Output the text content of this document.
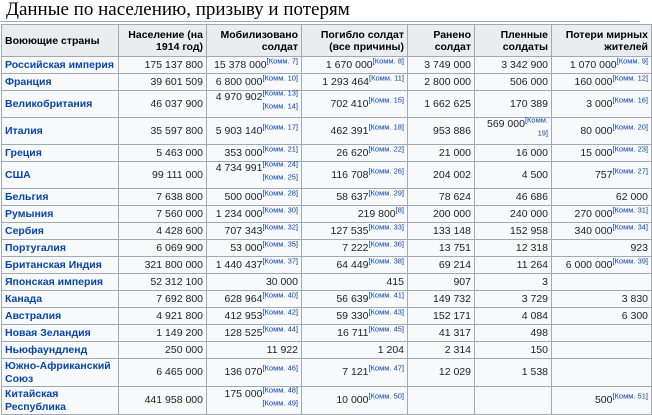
Данные по населению, призыву и потерям
Воюющие страны	Население (на 1914 год)	Мобилизовано солдат	Погибло солдат (все причины)	Ранено солдат	Пленные солдаты	Потери мирных жителей
Российская империя	175 137 800	15 378 000[Комм. 7]	1 670 000[Комм. 8]	3 749 000	3 342 900	1 070 000[Комм. 9]
Франция	39 601 509	6 800 000[Комм. 10]	1 293 464[Комм. 11]	2 800 000	506 000	160 000[Комм. 12]
Великобритания	46 037 900	4 970 902[Комм. 13][Комм. 14]	702 410[Комм. 15]	1 662 625	170 389	3 000[Комм. 16]
Италия	35 597 800	5 903 140[Комм. 17]	462 391[Комм. 18]	953 886	569 000[Комм. 19]	80 000[Комм. 20]
Греция	5 463 000	353 000[Комм. 21]	26 620[Комм. 22]	21 000	16 000	15 000[Комм. 23]
США	99 111 000	4 734 991[Комм. 24][Комм. 25]	116 708[Комм. 26]	204 002	4 500	757[Комм. 27]
Бельгия	7 638 800	500 000[Комм. 28]	58 637[Комм. 29]	78 624	46 686	62 000
Румыния	7 560 000	1 234 000[Комм. 30]	219 800[8]	200 000	240 000	270 000[Комм. 31]
Сербия	4 428 600	707 343[Комм. 32]	127 535[Комм. 33]	133 148	152 958	340 000[Комм. 34]
Португалия	6 069 900	53 000[Комм. 35]	7 222[Комм. 36]	13 751	12 318	923
Британская Индия	321 800 000	1 440 437[Комм. 37]	64 449[Комм. 38]	69 214	11 264	6 000 000[Комм. 39]
Японская империя	52 312 100	30 000	415	907	3	
Канада	7 692 800	628 964[Комм. 40]	56 639[Комм. 41]	149 732	3 729	3 830
Австралия	4 921 800	412 953[Комм. 42]	59 330[Комм. 43]	152 171	4 084	6 300
Новая Зеландия	1 149 200	128 525[Комм. 44]	16 711[Комм. 45]	41 317	498	
Ньюфаундленд	250 000	11 922	1 204	2 314	150	
Южно-Африканский Союз	6 465 000	136 070[Комм. 46]	7 121[Комм. 47]	12 029	1 538	
Китайская Республика	441 958 000	175 000[Комм. 48][Комм. 49]	10 000[Комм. 50]			500[Комм. 51]
